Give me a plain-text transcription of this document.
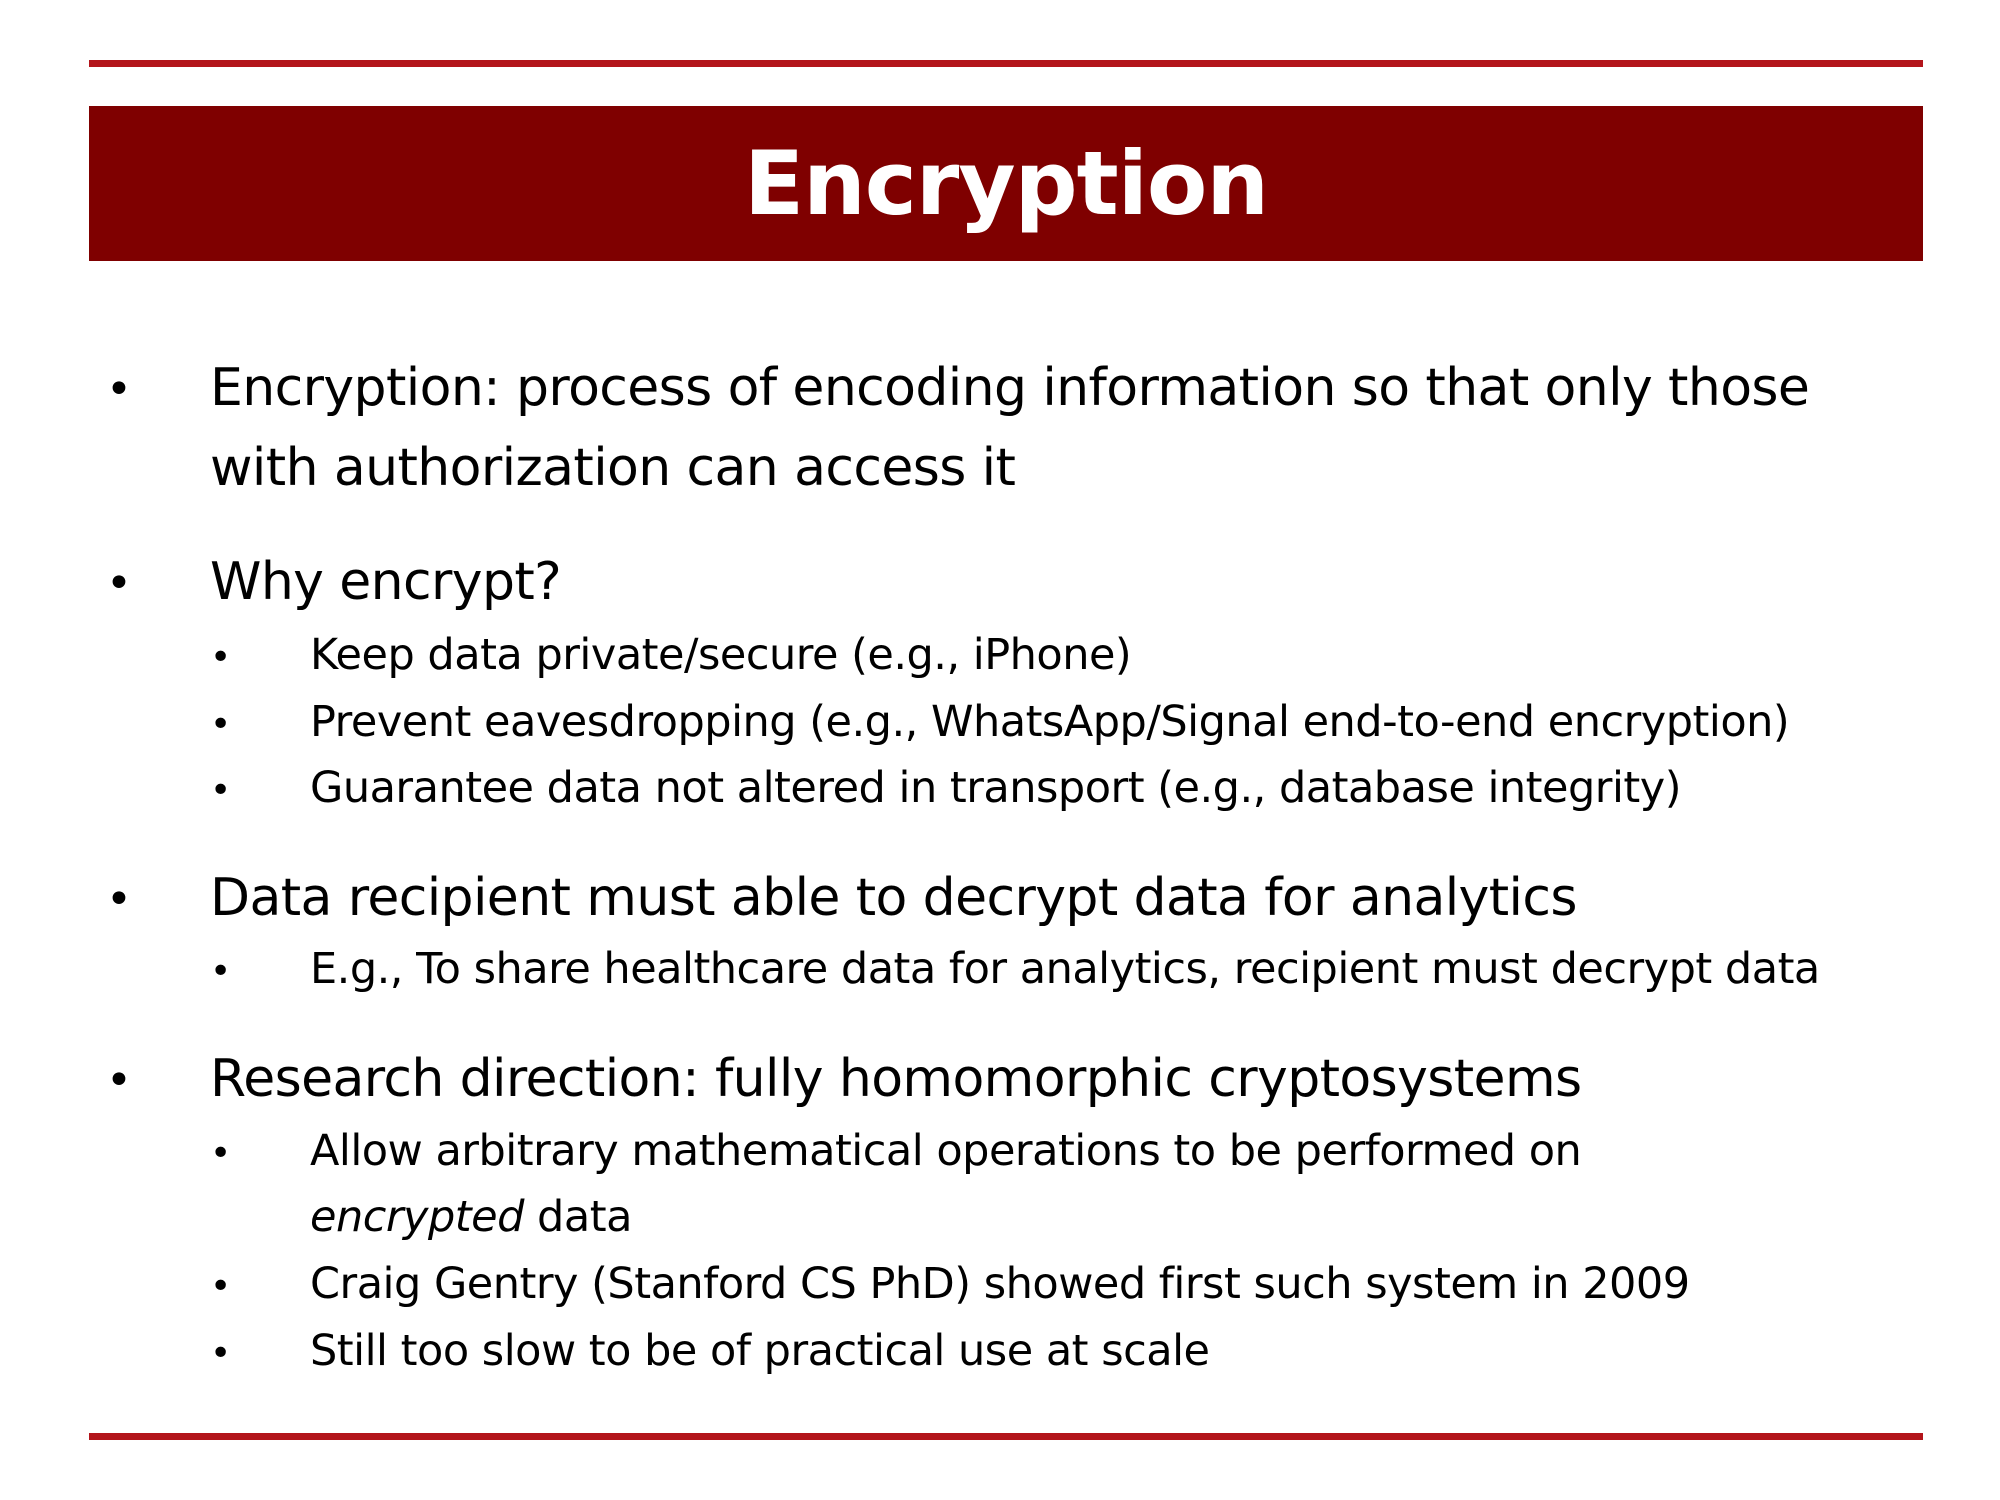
Encryption
• Encryption: process of encoding information so that only those
with authorization can access it
• Why encrypt?
• Keep data private/secure (e.g., iPhone)
• Prevent eavesdropping (e.g., WhatsApp/Signal end-to-end encryption)
• Guarantee data not altered in transport (e.g., database integrity)
• Data recipient must able to decrypt data for analytics
• E.g., To share healthcare data for analytics, recipient must decrypt data
• Research direction: fully homomorphic cryptosystems
• Allow arbitrary mathematical operations to be performed on
encrypted data
• Craig Gentry (Stanford CS PhD) showed first such system in 2009
• Still too slow to be of practical use at scale
